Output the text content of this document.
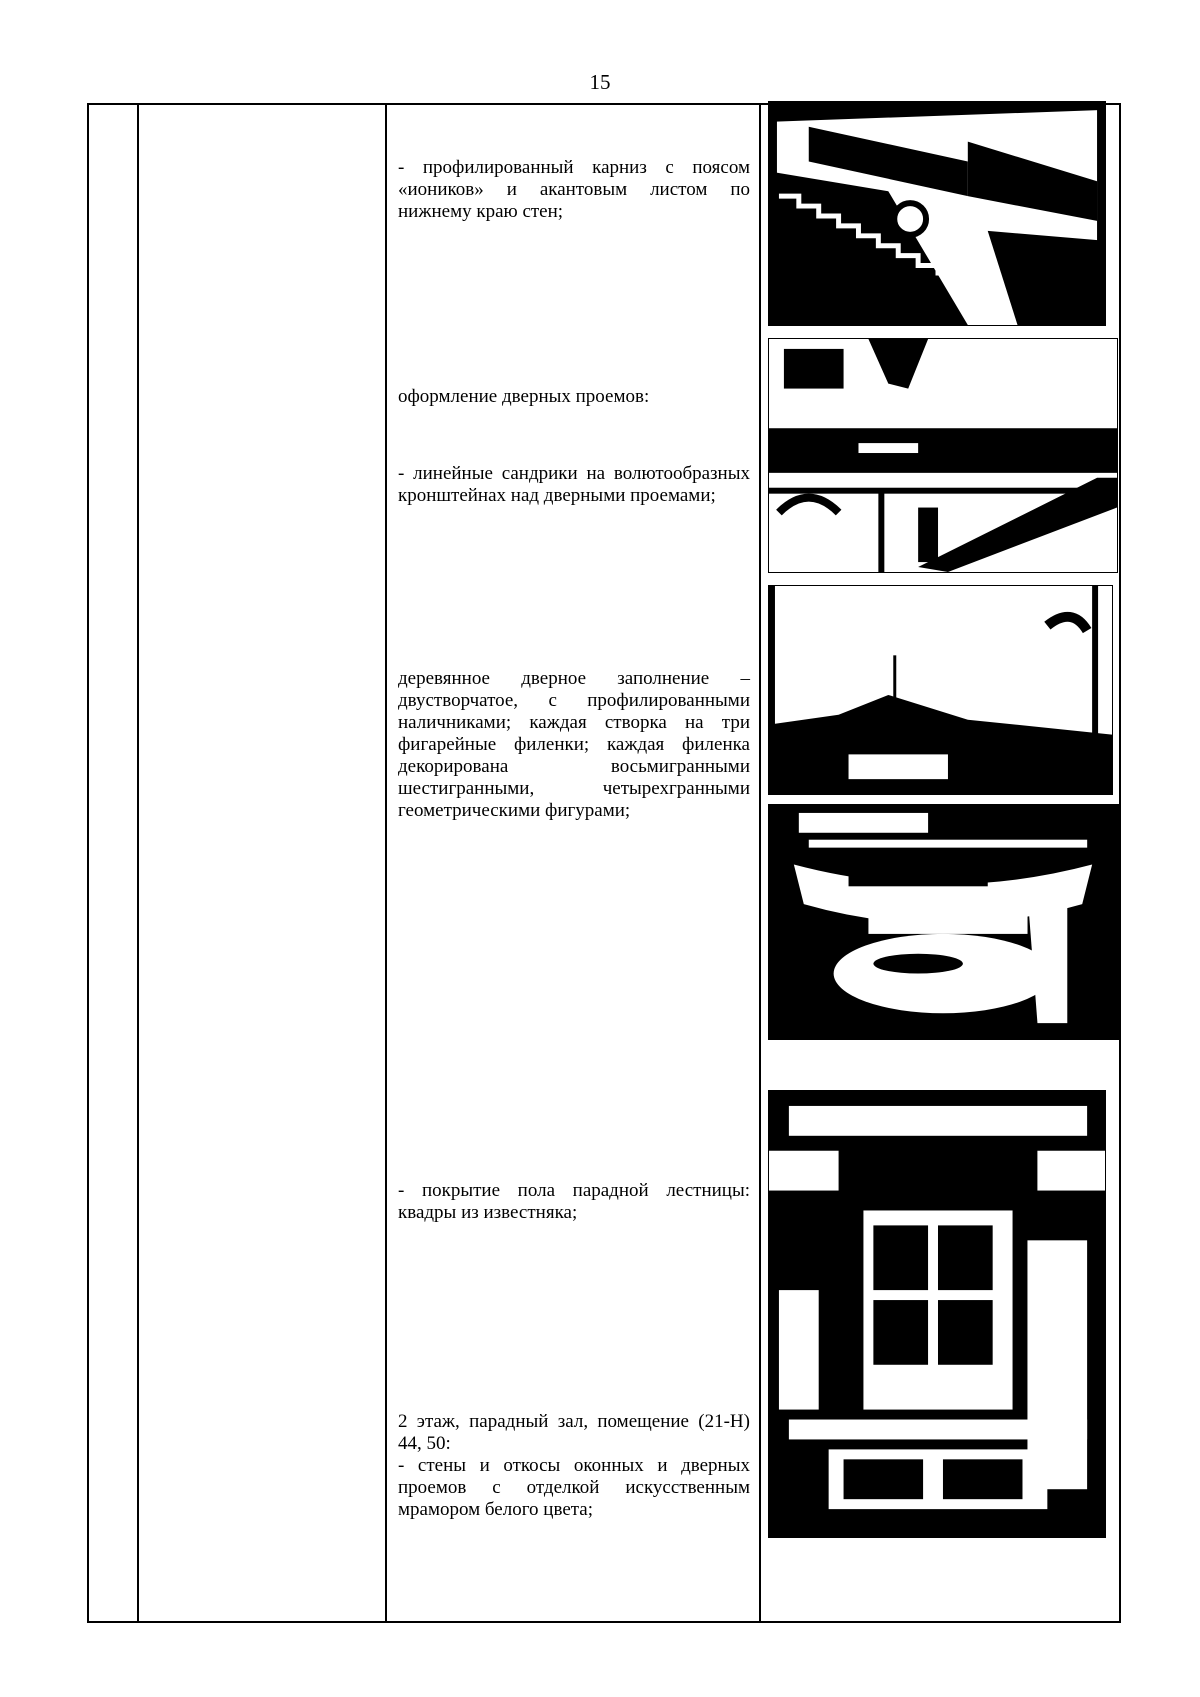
15
- профилированный карниз с поясом «иоников» и акантовым листом по нижнему краю стен;
оформление дверных проемов:
- линейные сандрики на волютообразных кронштейнах над дверными проемами;
деревянное дверное заполнение – двустворчатое, с профилированными наличниками; каждая створка на три фигарейные филенки; каждая филенка декорирована восьмигранными шестигранными, четырехгранными геометрическими фигурами;
- покрытие пола парадной лестницы: квадры из известняка;
2 этаж, парадный зал, помещение (21-Н) 44, 50:
- стены и откосы оконных и дверных проемов с отделкой искусственным мрамором белого цвета;
